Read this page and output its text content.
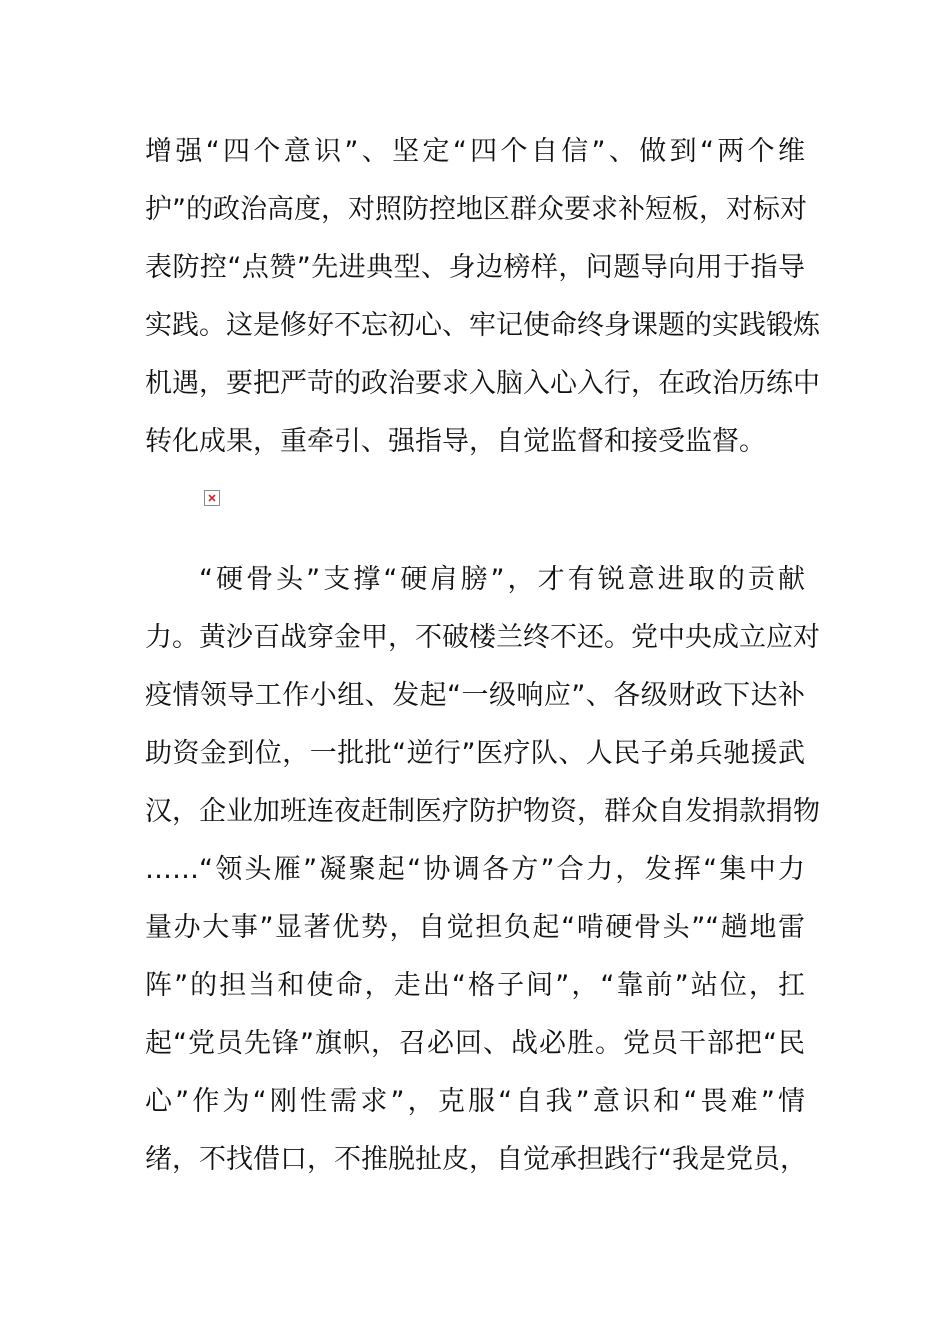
增强“四个意识”、坚定“四个自信”、做到“两个维
护”的政治高度，对照防控地区群众要求补短板，对标对
表防控“点赞”先进典型、身边榜样，问题导向用于指导
实践。这是修好不忘初心、牢记使命终身课题的实践锻炼
机遇，要把严苛的政治要求入脑入心入行，在政治历练中
转化成果，重牵引、强指导，自觉监督和接受监督。
“硬骨头”支撑“硬肩膀”，才有锐意进取的贡献
力。黄沙百战穿金甲，不破楼兰终不还。党中央成立应对
疫情领导工作小组、发起“一级响应”、各级财政下达补
助资金到位，一批批“逆行”医疗队、人民子弟兵驰援武
汉，企业加班连夜赶制医疗防护物资，群众自发捐款捐物
……“领头雁”凝聚起“协调各方”合力，发挥“集中力
量办大事”显著优势，自觉担负起“啃硬骨头”“趟地雷
阵”的担当和使命，走出“格子间”，“靠前”站位，扛
起“党员先锋”旗帜，召必回、战必胜。党员干部把“民
心”作为“刚性需求”，克服“自我”意识和“畏难”情
绪，不找借口，不推脱扯皮，自觉承担践行“我是党员，
